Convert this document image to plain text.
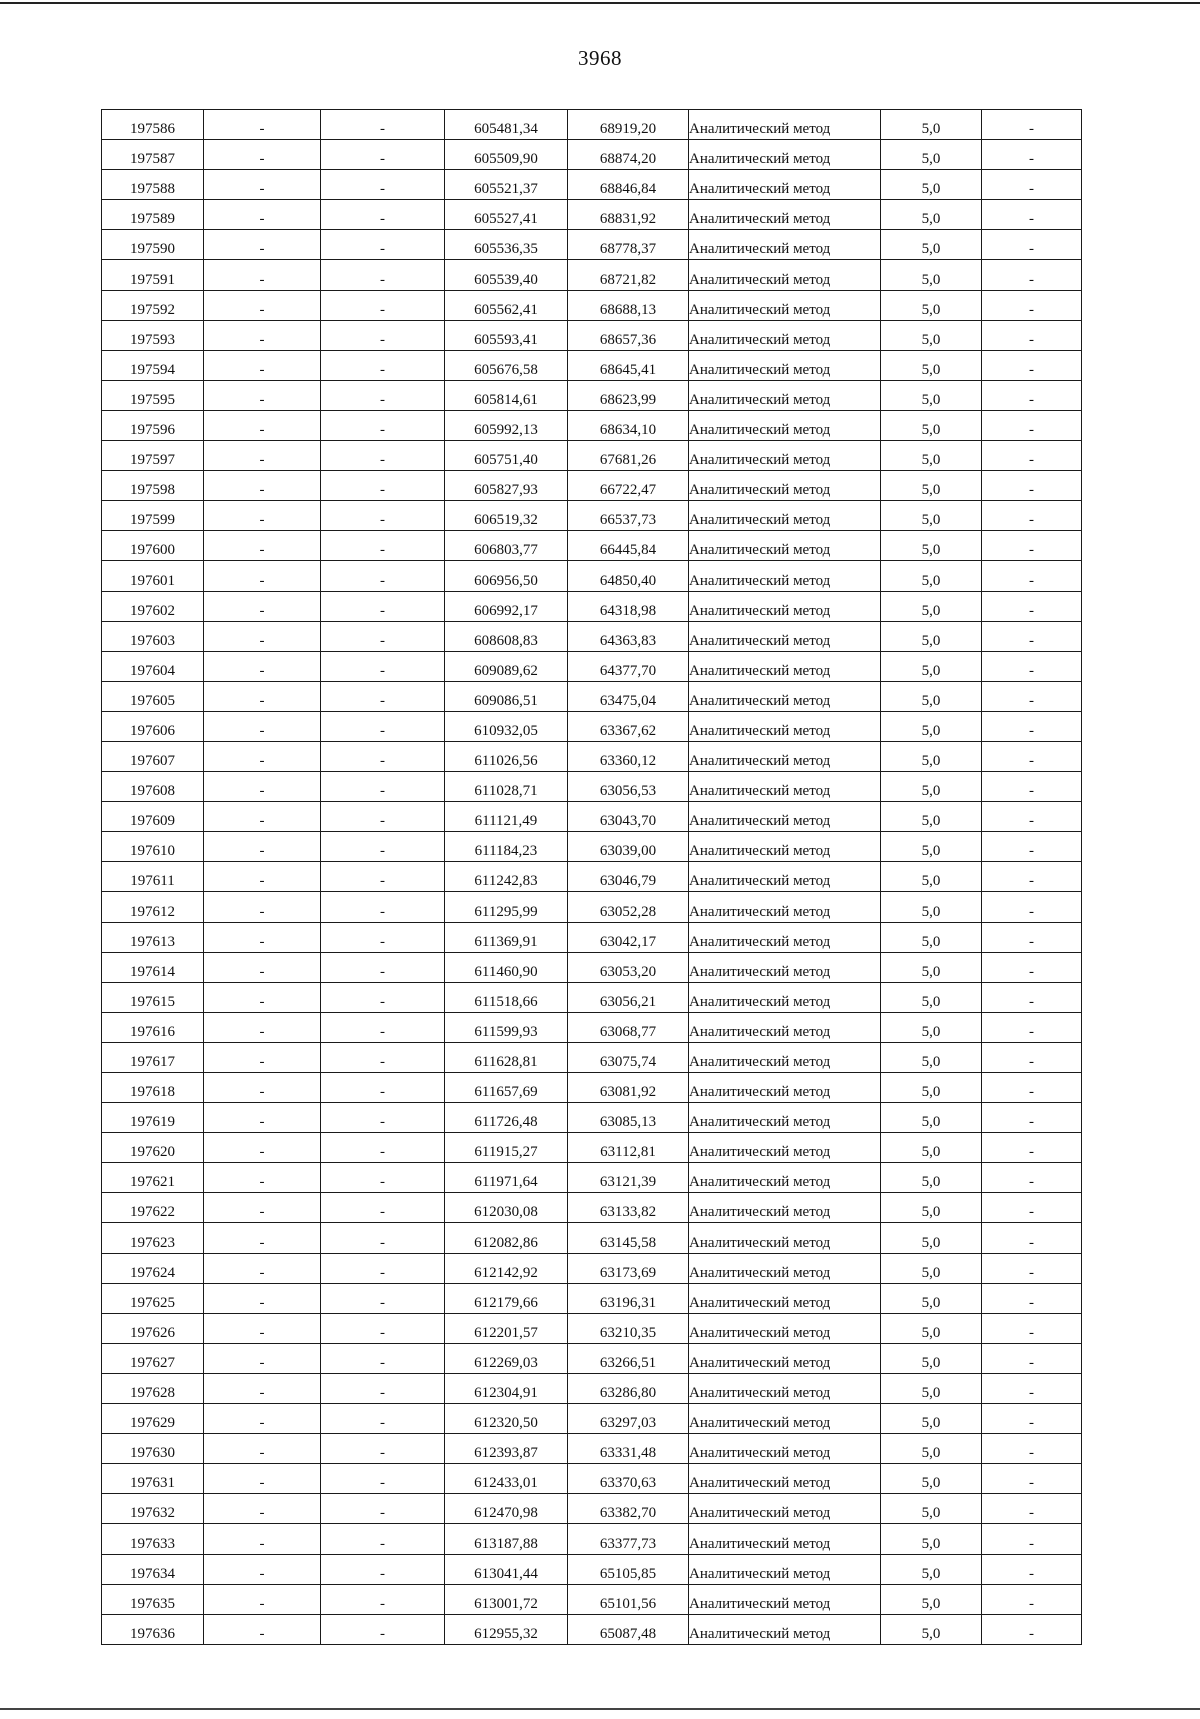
3968
197586	-	-	605481,34	68919,20	Аналитический метод	5,0	-
197587	-	-	605509,90	68874,20	Аналитический метод	5,0	-
197588	-	-	605521,37	68846,84	Аналитический метод	5,0	-
197589	-	-	605527,41	68831,92	Аналитический метод	5,0	-
197590	-	-	605536,35	68778,37	Аналитический метод	5,0	-
197591	-	-	605539,40	68721,82	Аналитический метод	5,0	-
197592	-	-	605562,41	68688,13	Аналитический метод	5,0	-
197593	-	-	605593,41	68657,36	Аналитический метод	5,0	-
197594	-	-	605676,58	68645,41	Аналитический метод	5,0	-
197595	-	-	605814,61	68623,99	Аналитический метод	5,0	-
197596	-	-	605992,13	68634,10	Аналитический метод	5,0	-
197597	-	-	605751,40	67681,26	Аналитический метод	5,0	-
197598	-	-	605827,93	66722,47	Аналитический метод	5,0	-
197599	-	-	606519,32	66537,73	Аналитический метод	5,0	-
197600	-	-	606803,77	66445,84	Аналитический метод	5,0	-
197601	-	-	606956,50	64850,40	Аналитический метод	5,0	-
197602	-	-	606992,17	64318,98	Аналитический метод	5,0	-
197603	-	-	608608,83	64363,83	Аналитический метод	5,0	-
197604	-	-	609089,62	64377,70	Аналитический метод	5,0	-
197605	-	-	609086,51	63475,04	Аналитический метод	5,0	-
197606	-	-	610932,05	63367,62	Аналитический метод	5,0	-
197607	-	-	611026,56	63360,12	Аналитический метод	5,0	-
197608	-	-	611028,71	63056,53	Аналитический метод	5,0	-
197609	-	-	611121,49	63043,70	Аналитический метод	5,0	-
197610	-	-	611184,23	63039,00	Аналитический метод	5,0	-
197611	-	-	611242,83	63046,79	Аналитический метод	5,0	-
197612	-	-	611295,99	63052,28	Аналитический метод	5,0	-
197613	-	-	611369,91	63042,17	Аналитический метод	5,0	-
197614	-	-	611460,90	63053,20	Аналитический метод	5,0	-
197615	-	-	611518,66	63056,21	Аналитический метод	5,0	-
197616	-	-	611599,93	63068,77	Аналитический метод	5,0	-
197617	-	-	611628,81	63075,74	Аналитический метод	5,0	-
197618	-	-	611657,69	63081,92	Аналитический метод	5,0	-
197619	-	-	611726,48	63085,13	Аналитический метод	5,0	-
197620	-	-	611915,27	63112,81	Аналитический метод	5,0	-
197621	-	-	611971,64	63121,39	Аналитический метод	5,0	-
197622	-	-	612030,08	63133,82	Аналитический метод	5,0	-
197623	-	-	612082,86	63145,58	Аналитический метод	5,0	-
197624	-	-	612142,92	63173,69	Аналитический метод	5,0	-
197625	-	-	612179,66	63196,31	Аналитический метод	5,0	-
197626	-	-	612201,57	63210,35	Аналитический метод	5,0	-
197627	-	-	612269,03	63266,51	Аналитический метод	5,0	-
197628	-	-	612304,91	63286,80	Аналитический метод	5,0	-
197629	-	-	612320,50	63297,03	Аналитический метод	5,0	-
197630	-	-	612393,87	63331,48	Аналитический метод	5,0	-
197631	-	-	612433,01	63370,63	Аналитический метод	5,0	-
197632	-	-	612470,98	63382,70	Аналитический метод	5,0	-
197633	-	-	613187,88	63377,73	Аналитический метод	5,0	-
197634	-	-	613041,44	65105,85	Аналитический метод	5,0	-
197635	-	-	613001,72	65101,56	Аналитический метод	5,0	-
197636	-	-	612955,32	65087,48	Аналитический метод	5,0	-
